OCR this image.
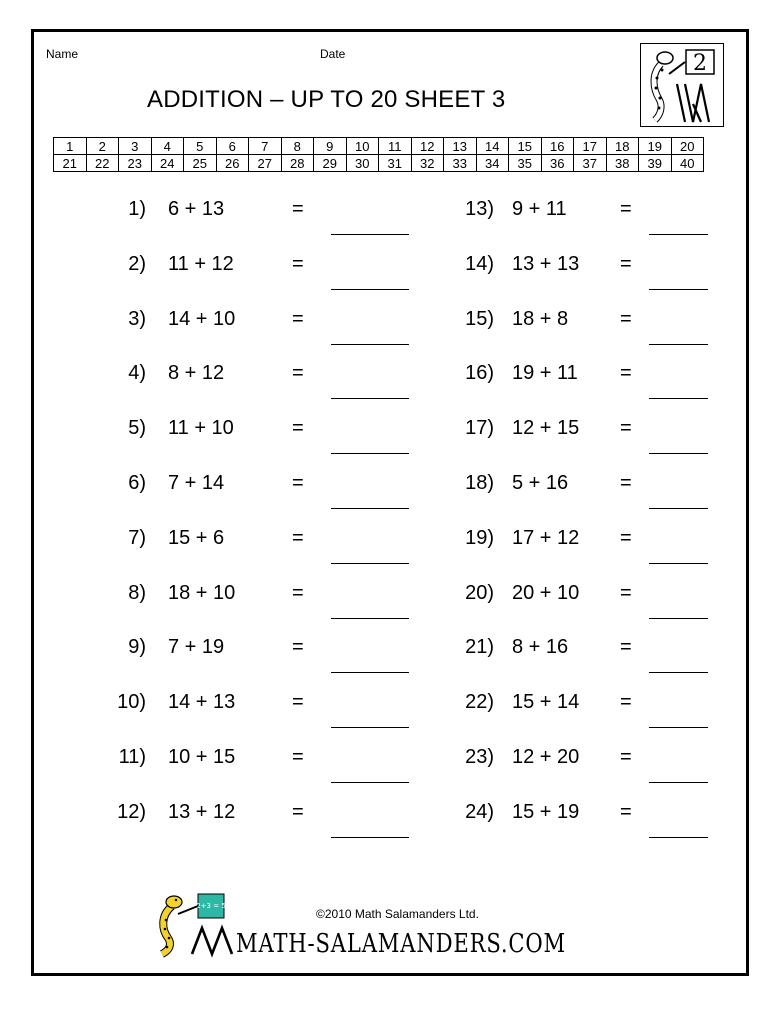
Name	Date
ADDITION – UP TO 20 SHEET 3
2
1	2	3	4	5	6	7	8	9	10	11	12	13	14	15	16	17	18	19	20
21	22	23	24	25	26	27	28	29	30	31	32	33	34	35	36	37	38	39	40
1) 6 + 13	=
2) 11 + 12	=
3) 14 + 10	=
4) 8 + 12	=
5) 11 + 10	=
6) 7 + 14	=
7) 15 + 6	=
8) 18 + 10	=
9) 7 + 19	=
10) 14 + 13	=
11) 10 + 15	=
12) 13 + 12	=
13) 9 + 11	=
14) 13 + 13 =
15) 18 + 8	=
16) 19 + 11 =
17) 12 + 15 =
18) 5 + 16	=
19) 17 + 12 =
20) 20 + 10 =
21) 8 + 16	=
22) 15 + 14 =
23) 12 + 20 =
24) 15 + 19 =
2+3 = 5
©2010 Math Salamanders Ltd.
MATH-SALAMANDERS.COM
